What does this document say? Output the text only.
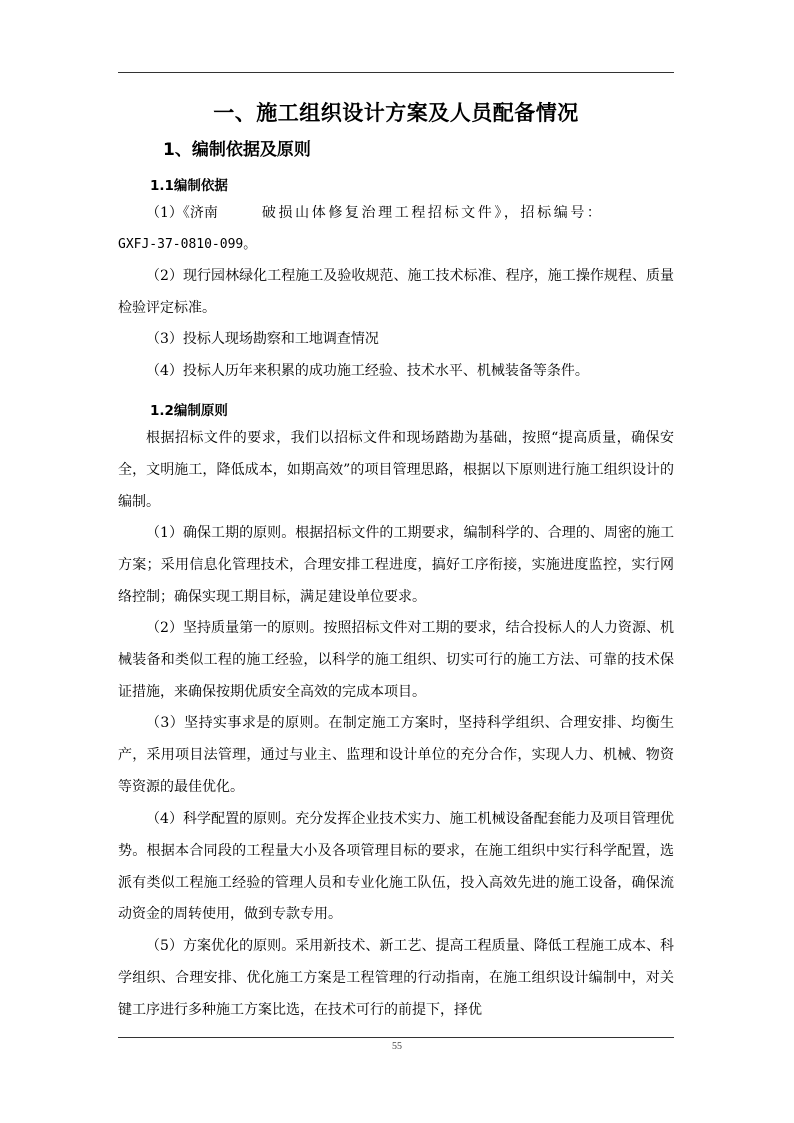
一、施工组织设计方案及人员配备情况
1、编制依据及原则
1.1编制依据

（1）《济南	破损山体修复治理工程招标文件》，招标编号：

GXFJ-37-0810-099。

（2）现行园林绿化工程施工及验收规范、施工技术标准、程序，施工操作规程、质量检验评定标准。

（3）投标人现场勘察和工地调查情况

（4）投标人历年来积累的成功施工经验、技术水平、机械装备等条件。

1.2编制原则

根据招标文件的要求，我们以招标文件和现场踏勘为基础，按照“提高质量，确保安全，文明施工，降低成本，如期高效”的项目管理思路，根据以下原则进行施工组织设计的编制。

（1）确保工期的原则。根据招标文件的工期要求，编制科学的、合理的、周密的施工方案；采用信息化管理技术，合理安排工程进度，搞好工序衔接，实施进度监控，实行网络控制；确保实现工期目标，满足建设单位要求。

（2）坚持质量第一的原则。按照招标文件对工期的要求，结合投标人的人力资源、机械装备和类似工程的施工经验，以科学的施工组织、切实可行的施工方法、可靠的技术保证措施，来确保按期优质安全高效的完成本项目。

（3）坚持实事求是的原则。在制定施工方案时，坚持科学组织、合理安排、均衡生产，采用项目法管理，通过与业主、监理和设计单位的充分合作，实现人力、机械、物资等资源的最佳优化。

（4）科学配置的原则。充分发挥企业技术实力、施工机械设备配套能力及项目管理优势。根据本合同段的工程量大小及各项管理目标的要求，在施工组织中实行科学配置，选派有类似工程施工经验的管理人员和专业化施工队伍，投入高效先进的施工设备，确保流动资金的周转使用，做到专款专用。

（5）方案优化的原则。采用新技术、新工艺、提高工程质量、降低工程施工成本、科学组织、合理安排、优化施工方案是工程管理的行动指南，在施工组织设计编制中，对关键工序进行多种施工方案比选，在技术可行的前提下，择优

55
